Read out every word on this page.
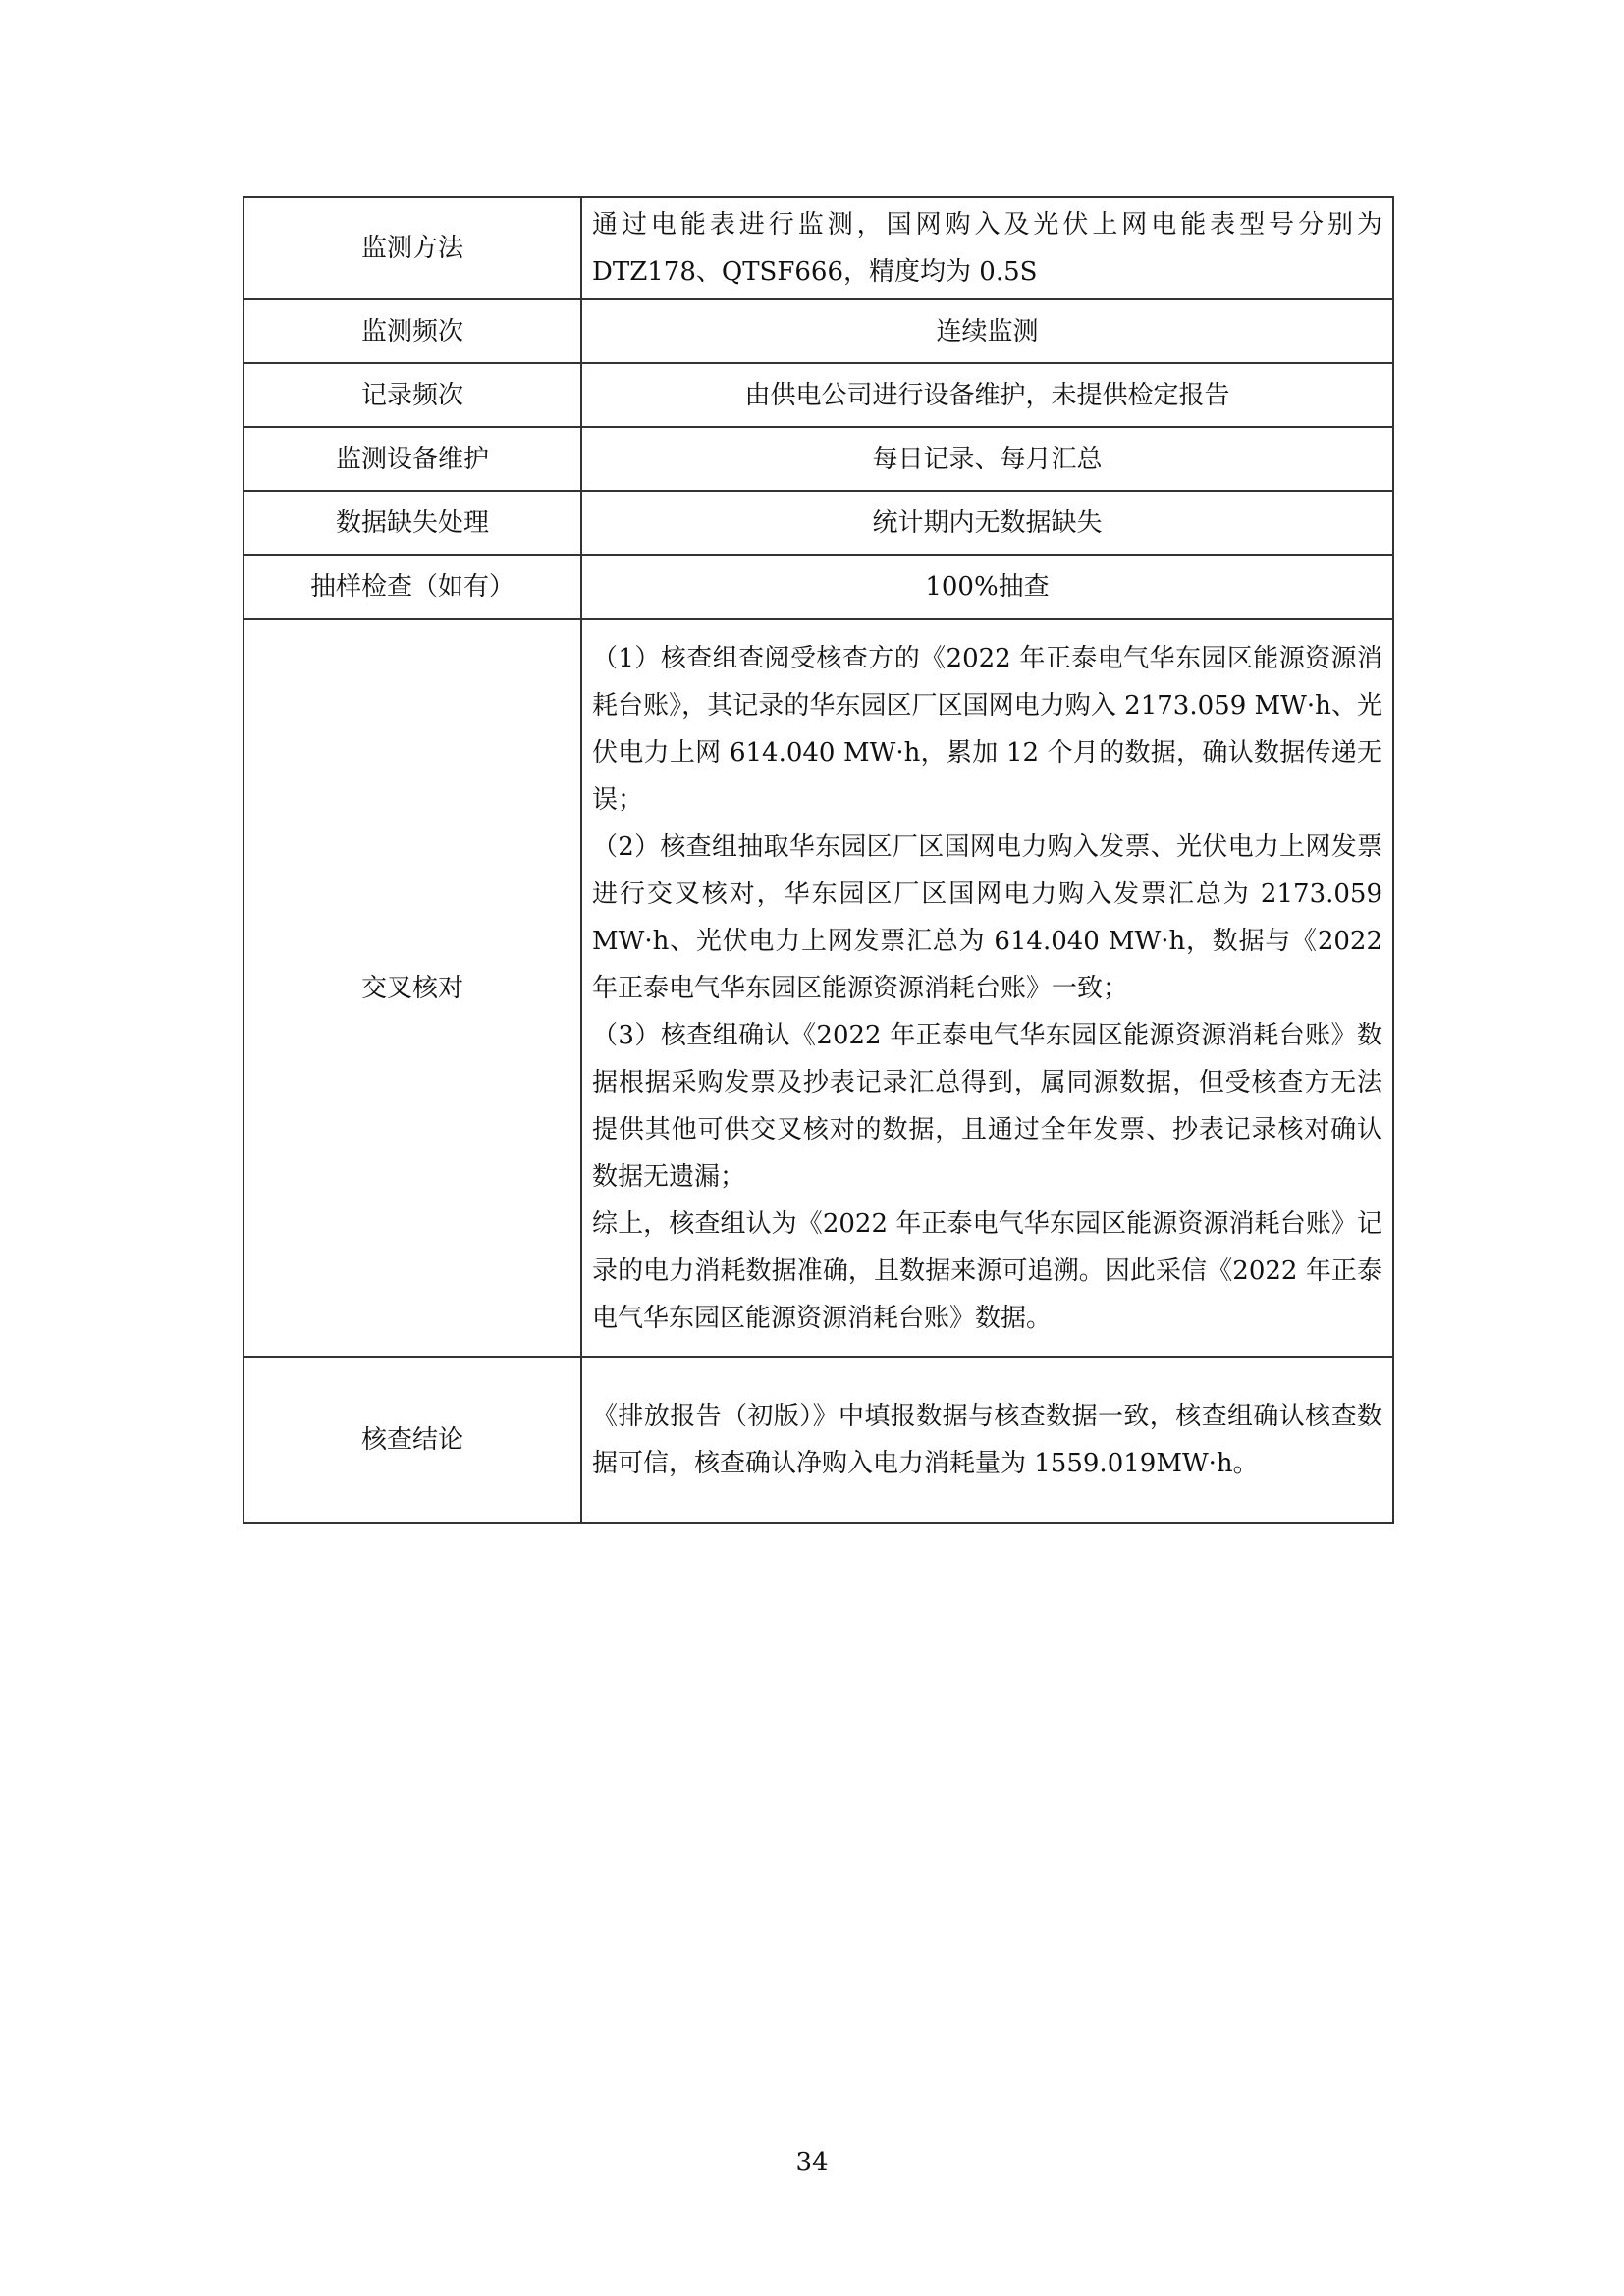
监测方法	通过电能表进行监测，国网购入及光伏上网电能表型号分别为 DTZ178、QTSF666，精度均为 0.5S
监测频次	连续监测
记录频次	由供电公司进行设备维护，未提供检定报告
监测设备维护	每日记录、每月汇总
数据缺失处理	统计期内无数据缺失
抽样检查（如有）	100%抽查
交叉核对	（1）核查组查阅受核查方的《2022 年正泰电气华东园区能源资源消耗台账》，其记录的华东园区厂区国网电力购入 2173.059 MW·h、光伏电力上网 614.040 MW·h，累加 12 个月的数据，确认数据传递无误；
（2）核查组抽取华东园区厂区国网电力购入发票、光伏电力上网发票进行交叉核对，华东园区厂区国网电力购入发票汇总为 2173.059 MW·h、光伏电力上网发票汇总为 614.040 MW·h，数据与《2022 年正泰电气华东园区能源资源消耗台账》一致；
（3）核查组确认《2022 年正泰电气华东园区能源资源消耗台账》数据根据采购发票及抄表记录汇总得到，属同源数据，但受核查方无法提供其他可供交叉核对的数据，且通过全年发票、抄表记录核对确认数据无遗漏；
综上，核查组认为《2022 年正泰电气华东园区能源资源消耗台账》记录的电力消耗数据准确，且数据来源可追溯。因此采信《2022 年正泰电气华东园区能源资源消耗台账》数据。

核查结论	《排放报告（初版）》中填报数据与核查数据一致，核查组确认核查数据可信，核查确认净购入电力消耗量为 1559.019MW·h。
34
